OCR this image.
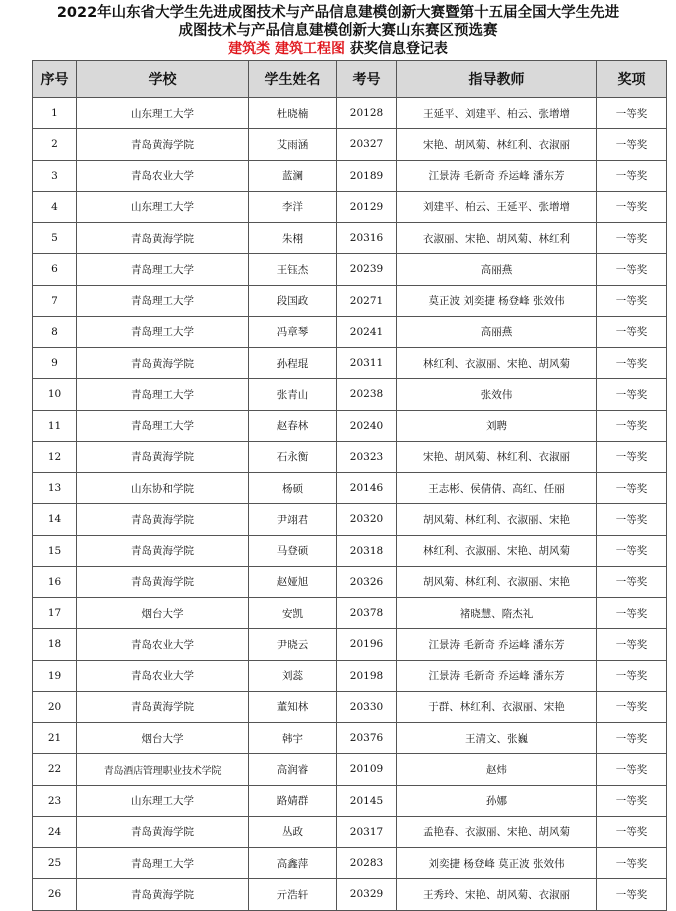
2022年山东省大学生先进成图技术与产品信息建模创新大赛暨第十五届全国大学生先进
成图技术与产品信息建模创新大赛山东赛区预选赛
建筑类 建筑工程图 获奖信息登记表
序号	学校	学生姓名	考号	指导教师	奖项
1	山东理工大学	杜晓楠	20128	王延平、刘建平、柏云、张增增	一等奖
2	青岛黄海学院	艾雨涵	20327	宋艳、胡风菊、林红利、衣淑丽	一等奖
3	青岛农业大学	蓝澜	20189	江景涛 毛新奇 乔运峰 潘东芳	一等奖
4	山东理工大学	李洋	20129	刘建平、柏云、王延平、张增增	一等奖
5	青岛黄海学院	朱栩	20316	衣淑丽、宋艳、胡风菊、林红利	一等奖
6	青岛理工大学	王钰杰	20239	高丽燕	一等奖
7	青岛理工大学	段国政	20271	莫正波 刘奕捷 杨登峰 张效伟	一等奖
8	青岛理工大学	冯章琴	20241	高丽燕	一等奖
9	青岛黄海学院	孙程琨	20311	林红利、衣淑丽、宋艳、胡风菊	一等奖
10	青岛理工大学	张青山	20238	张效伟	一等奖
11	青岛理工大学	赵春林	20240	刘聘	一等奖
12	青岛黄海学院	石永衡	20323	宋艳、胡风菊、林红利、衣淑丽	一等奖
13	山东协和学院	杨硕	20146	王志彬、侯倩倩、高红、任丽	一等奖
14	青岛黄海学院	尹翊君	20320	胡风菊、林红利、衣淑丽、宋艳	一等奖
15	青岛黄海学院	马登硕	20318	林红利、衣淑丽、宋艳、胡风菊	一等奖
16	青岛黄海学院	赵娅旭	20326	胡风菊、林红利、衣淑丽、宋艳	一等奖
17	烟台大学	安凯	20378	褚晓慧、隋杰礼	一等奖
18	青岛农业大学	尹晓云	20196	江景涛 毛新奇 乔运峰 潘东芳	一等奖
19	青岛农业大学	刘蕊	20198	江景涛 毛新奇 乔运峰 潘东芳	一等奖
20	青岛黄海学院	董知林	20330	于群、林红利、衣淑丽、宋艳	一等奖
21	烟台大学	韩宇	20376	王清文、张巍	一等奖
22	青岛酒店管理职业技术学院	高润睿	20109	赵炜	一等奖
23	山东理工大学	路婧群	20145	孙娜	一等奖
24	青岛黄海学院	丛政	20317	孟艳春、衣淑丽、宋艳、胡风菊	一等奖
25	青岛理工大学	高鑫萍	20283	刘奕捷 杨登峰 莫正波 张效伟	一等奖
26	青岛黄海学院	亓浩轩	20329	王秀玲、宋艳、胡风菊、衣淑丽	一等奖
